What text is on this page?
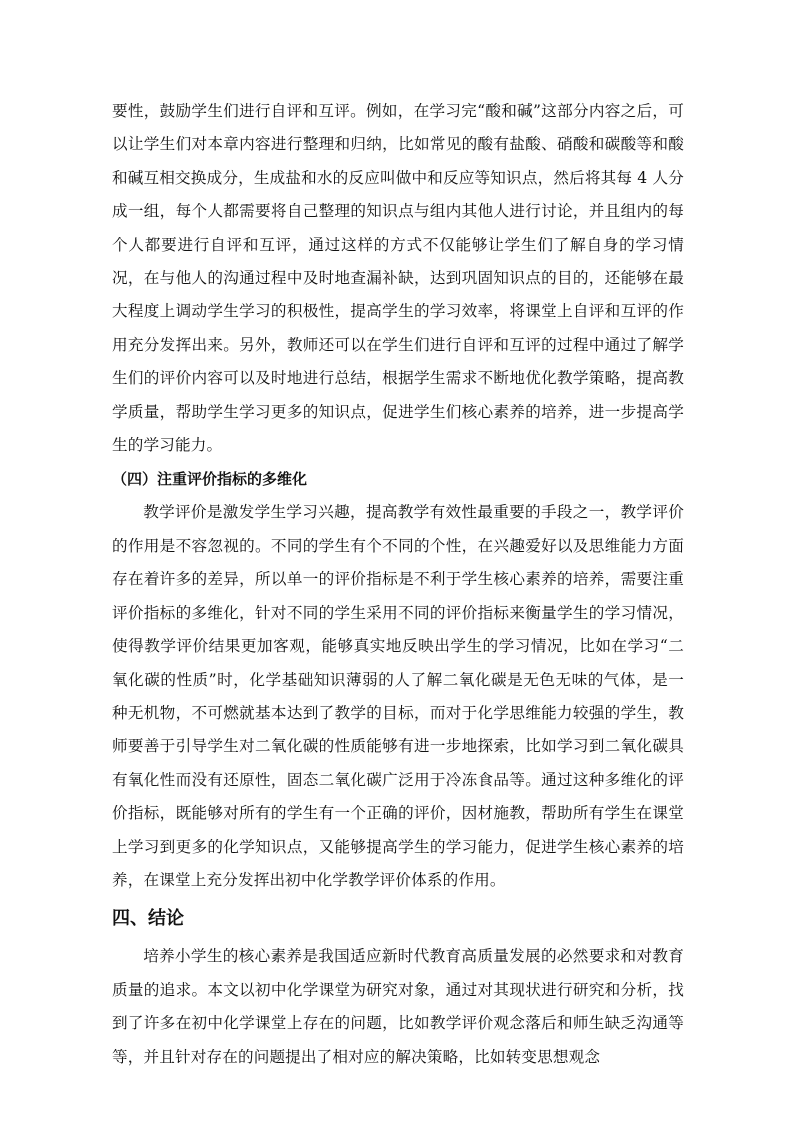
要性，鼓励学生们进行自评和互评。例如，在学习完“酸和碱”这部分内容之后，可以让学生们对本章内容进行整理和归纳，比如常见的酸有盐酸、硝酸和碳酸等和酸和碱互相交换成分，生成盐和水的反应叫做中和反应等知识点，然后将其每 4 人分成一组，每个人都需要将自己整理的知识点与组内其他人进行讨论，并且组内的每个人都要进行自评和互评，通过这样的方式不仅能够让学生们了解自身的学习情况，在与他人的沟通过程中及时地查漏补缺，达到巩固知识点的目的，还能够在最大程度上调动学生学习的积极性，提高学生的学习效率，将课堂上自评和互评的作用充分发挥出来。另外，教师还可以在学生们进行自评和互评的过程中通过了解学生们的评价内容可以及时地进行总结，根据学生需求不断地优化教学策略，提高教学质量，帮助学生学习更多的知识点，促进学生们核心素养的培养，进一步提高学生的学习能力。

（四）注重评价指标的多维化

教学评价是激发学生学习兴趣，提高教学有效性最重要的手段之一，教学评价的作用是不容忽视的。不同的学生有个不同的个性，在兴趣爱好以及思维能力方面存在着许多的差异，所以单一的评价指标是不利于学生核心素养的培养，需要注重评价指标的多维化，针对不同的学生采用不同的评价指标来衡量学生的学习情况，使得教学评价结果更加客观，能够真实地反映出学生的学习情况，比如在学习“二氧化碳的性质”时，化学基础知识薄弱的人了解二氧化碳是无色无味的气体，是一种无机物，不可燃就基本达到了教学的目标，而对于化学思维能力较强的学生，教师要善于引导学生对二氧化碳的性质能够有进一步地探索，比如学习到二氧化碳具有氧化性而没有还原性，固态二氧化碳广泛用于冷冻食品等。通过这种多维化的评价指标，既能够对所有的学生有一个正确的评价，因材施教，帮助所有学生在课堂上学习到更多的化学知识点，又能够提高学生的学习能力，促进学生核心素养的培养，在课堂上充分发挥出初中化学教学评价体系的作用。

四、结论

培养小学生的核心素养是我国适应新时代教育高质量发展的必然要求和对教育质量的追求。本文以初中化学课堂为研究对象，通过对其现状进行研究和分析，找到了许多在初中化学课堂上存在的问题，比如教学评价观念落后和师生缺乏沟通等等，并且针对存在的问题提出了相对应的解决策略，比如转变思想观念
